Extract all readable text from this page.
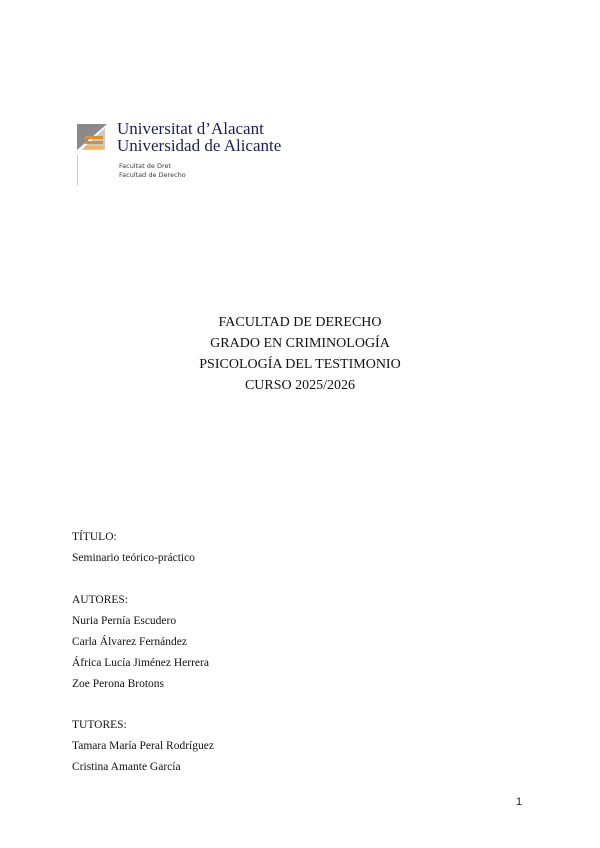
Universitat d’Alacant
Universidad de Alicante
Facultat de Dret
Facultad de Derecho
FACULTAD DE DERECHO
GRADO EN CRIMINOLOGÍA
PSICOLOGÍA DEL TESTIMONIO
CURSO 2025/2026
TÍTULO:
Seminario teórico-práctico
AUTORES:
Nuria Pernía Escudero
Carla Álvarez Fernández
África Lucía Jiménez Herrera
Zoe Perona Brotons
TUTORES:
Tamara María Peral Rodríguez
Cristina Amante García
1
